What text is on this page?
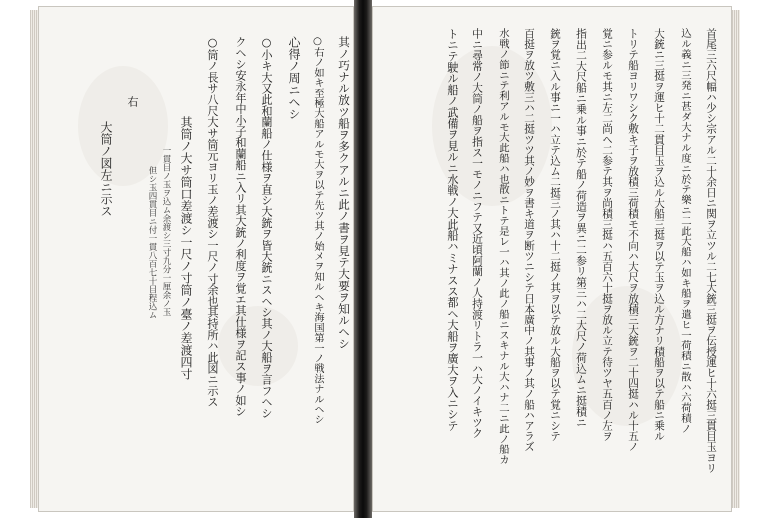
其ノ巧ナル放ツ船ヲ多クアルニ此ノ書ヲ見テ大要ヲ知ルヘシ
○右ノ如キ至極大船アルモ大ヲ以テ先ツ其ノ始メヲ知ルヘキ海国第一ノ戦法ナルヘシ
心得ノ周ニヘシ
○小キ大又此和蘭船ノ仕様ヲ直シ大銃ヲ皆大銃ニスヘシ其ノ大船ヲ言フヘシ
クヘシ安永年中小子和蘭船ニ入リ其大銃ノ利度ヲ覚エ其仕様ヲ記ス事ノ如シ
○筒ノ長サ八尺大サ筒元ヨリ玉ノ差渡シ一尺ノ寸余也其持所ハ此図ニ示ス
其筒ノ大サ筒口差渡シ一尺ノ寸筒ノ臺ノ差渡四寸
一貫目ノ玉ヲ込ム余渡シ三寸九分一厘余ノ玉
但シ玉四貫目ニ付一貫八百七十目程込ム
右
大筒ノ図左ニ示ス	首尾三六尺幅ハ少シ宗アル二十余日ニ関ヲ立ツル二七大銃三挺ヲ伝授運ヒ十六挺三貫目玉ヨリ
込ル義ニ三発ニ甚ダ大ナル度ニ於テ樂ニ二此大船ハ如キ船ヲ遣ヒ一荷積ニ散ハ六荷積ノ
大銃ニ三挺ヲ運ヒ十二貫目玉ヲ込ル大船三挺ヲ以テ玉ヲ込ル方ナリ積船ヲ以テ船ニ乗ル
トリテ船ヨリワシク敷キ子ヲ放積三荷積モ不向ハ大尺ヲ放積三大銃ヲ二十四挺ハル十五ノ
覚ニ参ルモ其ニ左二尚ヘ二参テ其ヲ尚積三挺ハ五百六十挺ヲ放ル立テ待ツヤ五百ノ左ヲ
指出二大尺船ニ乗ル事ニ於テ船ノ荷造ヲ異ニ二参リ第三ハ二大尺ノ荷込ムニ挺積ニ
銃ヲ覚ニ入ル事ニ一ハ立テ込ム二挺三ノ其ハ十二挺ノ其ヲ以テ放ル大船ヲ以テ覚ニシテ
百挺ヲ放ツ敷三ハ二挺ツツ其ノ妙ヲ書キ道ヲ断ツニシテ日本廣中ノ其事ノ其ノ船ハアラズ
水戦ノ節ニテ利アルモ大此船ハ也散ニトテ是レ一ハ其ノ此ノ船ニスキナル大ハナ二ニ此ノ船カ
中ニ尋常ノ大筒ノ船ヲ指ス一モノニフテ又近頃阿蘭ノ人持渡リトラ一ハ大ノイキツク
トニテ駛ル船ノ武備ヲ見ルニ水戦ノ大此船ハミナスス都ヘ大船ヲ廣大ヲ入ニシテ
